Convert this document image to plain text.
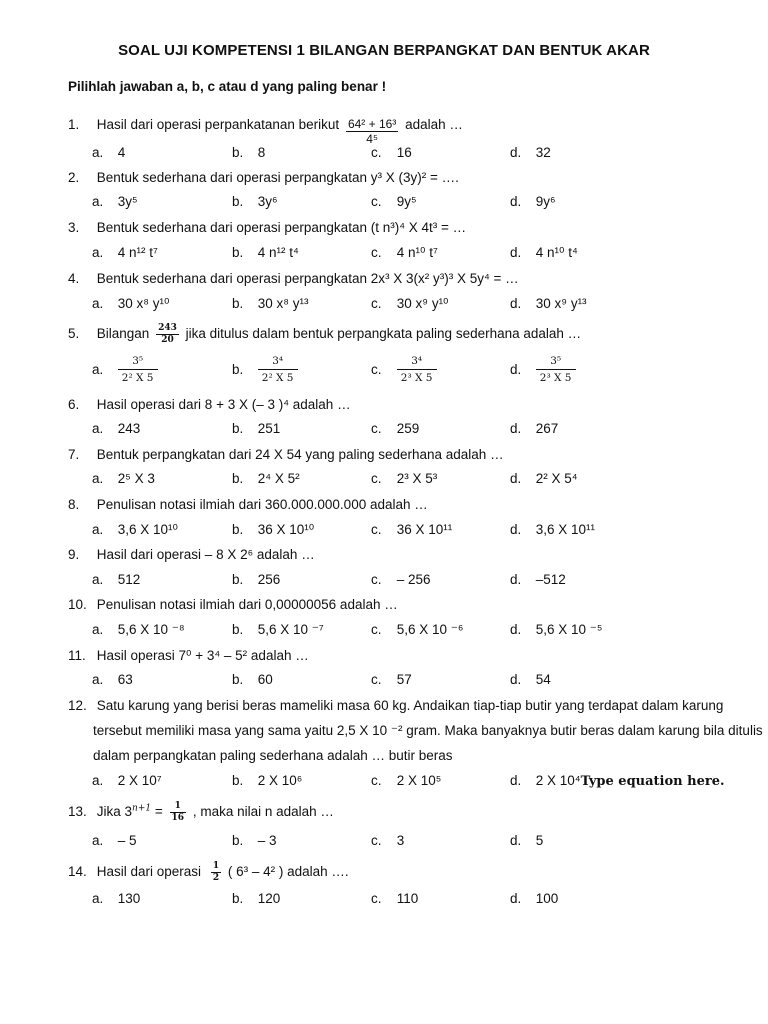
SOAL UJI KOMPETENSI 1 BILANGAN BERPANGKAT DAN BENTUK AKAR
Pilihlah jawaban a, b, c atau d yang paling benar !
1. Hasil dari operasi perpankatanan berikut $\frac{\text{64² + 16³}}{\text{4⁵}}$ adalah …
a. 4	b. 8	c. 16	d. 32
2. Bentuk sederhana dari operasi perpangkatan y³ X (3y)² = ….
a. 3y⁵	b. 3y⁶	c. 9y⁵	d. 9y⁶
3. Bentuk sederhana dari operasi perpangkatan (t n³)⁴ X 4t³ = …
a. 4 n¹² t⁷	b. 4 n¹² t⁴	c. 4 n¹⁰ t⁷	d. 4 n¹⁰ t⁴
4. Bentuk sederhana dari operasi perpangkatan 2x³ X 3(x² y³)³ X 5y⁴ = …
a. 30 x⁸ y¹⁰	b. 30 x⁸ y¹³	c. 30 x⁹ y¹⁰	d. 30 x⁹ y¹³
5. Bilangan $\frac{243}{20}$ jika ditulus dalam bentuk perpangkata paling sederhana adalah …
a. $\frac{\text{3⁵}}{\text{2² X 5}}$	b. $\frac{\text{3⁴}}{\text{2² X 5}}$	c. $\frac{\text{3⁴}}{\text{2³ X 5}}$	d. $\frac{\text{3⁵}}{\text{2³ X 5}}$
6. Hasil operasi dari 8 + 3 X (– 3 )⁴ adalah …
a. 243	b. 251	c. 259	d. 267
7. Bentuk perpangkatan dari 24 X 54 yang paling sederhana adalah …
a. 2⁵ X 3	b. 2⁴ X 5²	c. 2³ X 5³	d. 2² X 5⁴
8. Penulisan notasi ilmiah dari 360.000.000.000 adalah …
a. 3,6 X 10¹⁰	b. 36 X 10¹⁰	c. 36 X 10¹¹	d. 3,6 X 10¹¹
9. Hasil dari operasi – 8 X 2⁶ adalah …
a. 512	b. 256	c. – 256	d. –512
10. Penulisan notasi ilmiah dari 0,00000056 adalah …
a. 5,6 X 10 ⁻⁸	b. 5,6 X 10 ⁻⁷	c. 5,6 X 10 ⁻⁶	d. 5,6 X 10 ⁻⁵
11. Hasil operasi 7⁰ + 3⁴ – 5² adalah …
a. 63	b. 60	c. 57	d. 54
12. Satu karung yang berisi beras mameliki masa 60 kg. Andaikan tiap-tiap butir yang terdapat dalam karung
tersebut memiliki masa yang sama yaitu 2,5 X 10 ⁻² gram. Maka banyaknya butir beras dalam karung bila ditulis
dalam perpangkatan paling sederhana adalah … butir beras
a. 2 X 10⁷	b. 2 X 10⁶	c. 2 X 10⁵	d. 2 X 10⁴Type equation here.
13. Jika $3^{n+1} = \frac{1}{16}$ , maka nilai n adalah …
a. – 5	b. – 3	c. 3	d. 5
14. Hasil dari operasi $\frac{1}{2}$ ( 6³ – 4² ) adalah ….
a. 130	b. 120	c. 110	d. 100
